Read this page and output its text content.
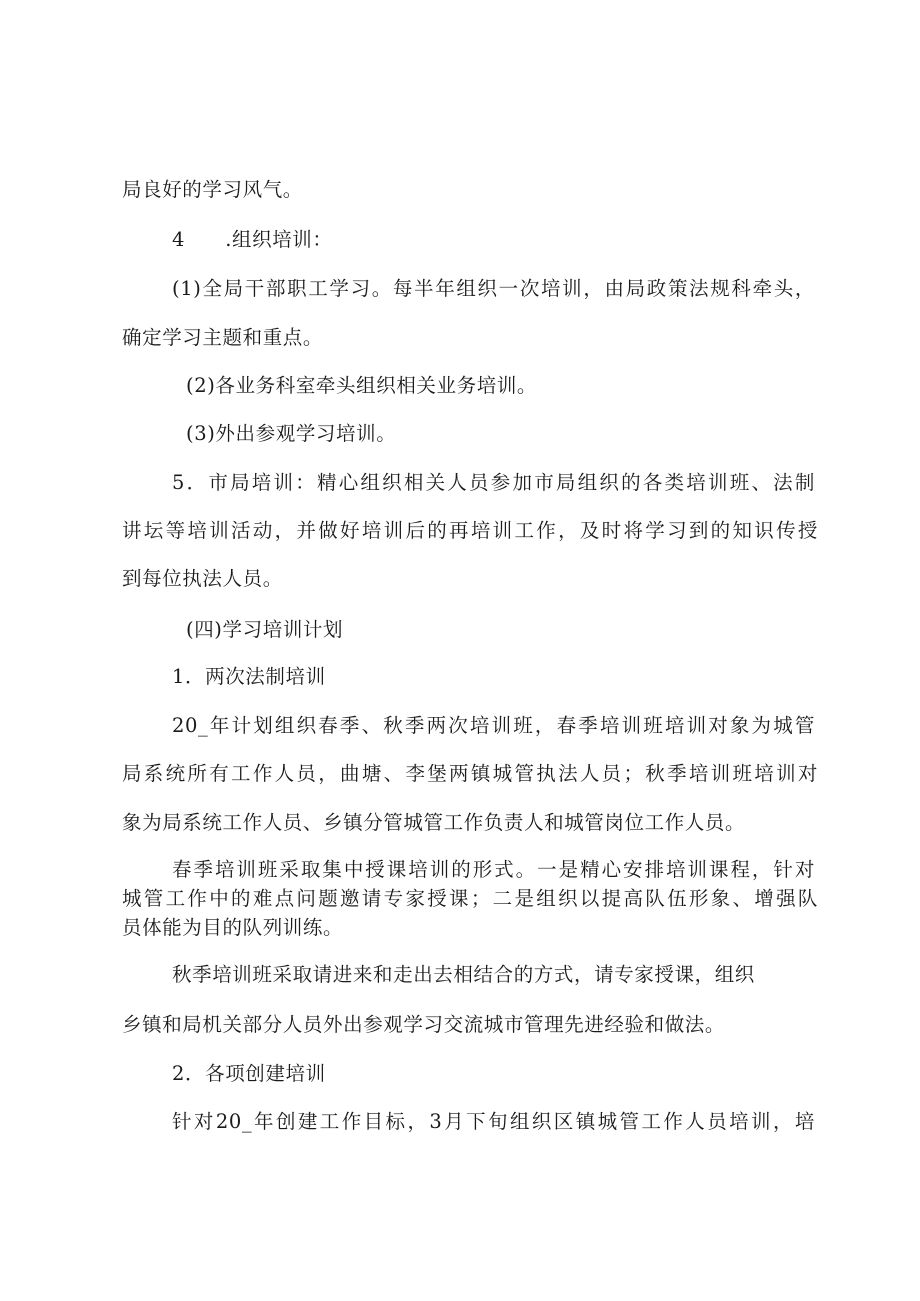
局良好的学习风气。
4　　.组织培训：
(1)全局干部职工学习。每半年组织一次培训，由局政策法规科牵头，
确定学习主题和重点。
(2)各业务科室牵头组织相关业务培训。
(3)外出参观学习培训。
5．市局培训：精心组织相关人员参加市局组织的各类培训班、法制
讲坛等培训活动，并做好培训后的再培训工作，及时将学习到的知识传授
到每位执法人员。
(四)学习培训计划
1．两次法制培训
20_年计划组织春季、秋季两次培训班，春季培训班培训对象为城管
局系统所有工作人员，曲塘、李堡两镇城管执法人员；秋季培训班培训对
象为局系统工作人员、乡镇分管城管工作负责人和城管岗位工作人员。
春季培训班采取集中授课培训的形式。一是精心安排培训课程，针对
城管工作中的难点问题邀请专家授课；二是组织以提高队伍形象、增强队
员体能为目的队列训练。
秋季培训班采取请进来和走出去相结合的方式，请专家授课，组织
乡镇和局机关部分人员外出参观学习交流城市管理先进经验和做法。
2．各项创建培训
针对20_年创建工作目标，3月下旬组织区镇城管工作人员培训，培
